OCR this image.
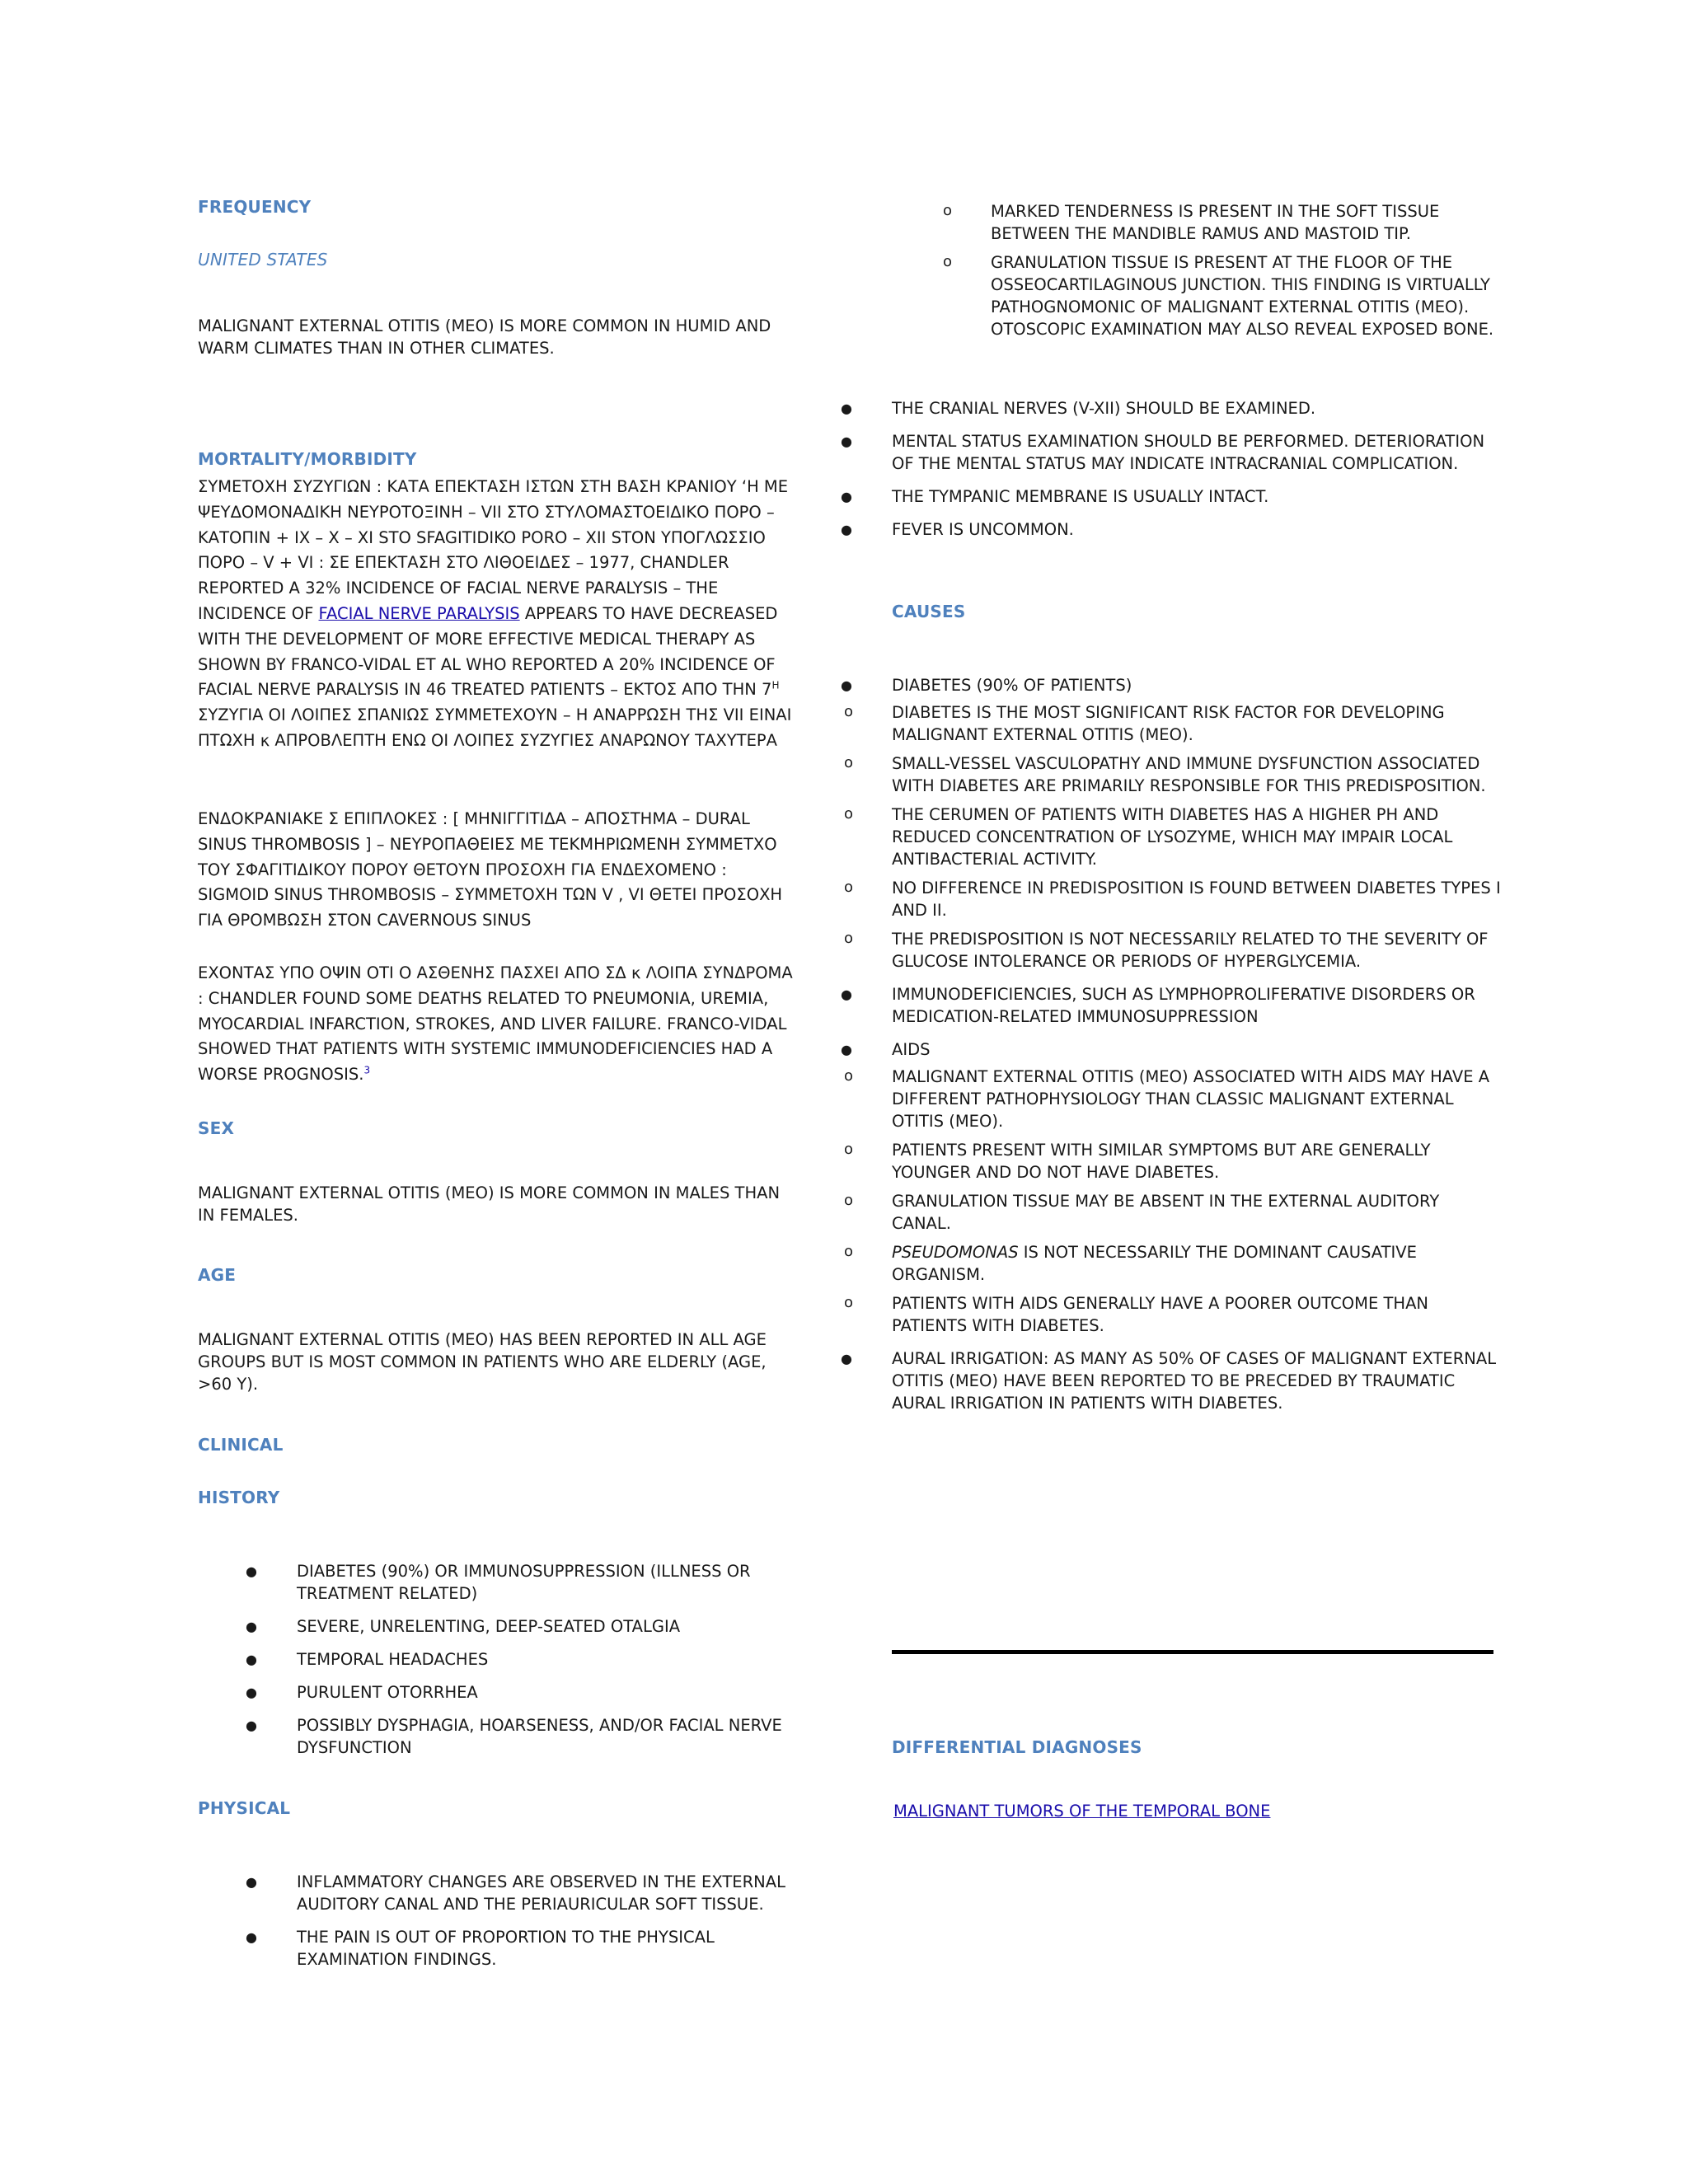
FREQUENCY
UNITED STATES
MALIGNANT EXTERNAL OTITIS (MEO) IS MORE COMMON IN HUMID AND WARM CLIMATES THAN IN OTHER CLIMATES.
MORTALITY/MORBIDITY
ΣΥΜΕΤΟΧΗ ΣΥΖΥΓΙΩΝ : ΚΑΤΑ ΕΠΕΚΤΑΣΗ ΙΣΤΩΝ ΣΤΗ ΒΑΣΗ ΚΡΑΝΙΟΥ ‘Η ΜΕ ΨΕΥΔΟΜΟΝΑΔΙΚΗ ΝΕΥΡΟΤΟΞΙΝΗ – VII ΣΤΟ ΣΤΥΛΟΜΑΣΤΟΕΙΔΙΚΟ ΠΟΡΟ – ΚΑΤΟΠΙΝ + IX – X – XI STO SFAGITIDIKO PORO – XII STON ΥΠΟΓΛΩΣΣΙΟ ΠΟΡΟ – V + VI : ΣΕ ΕΠΕΚΤΑΣΗ ΣΤΟ ΛΙΘΟΕΙΔΕΣ – 1977, CHANDLER REPORTED A 32% INCIDENCE OF FACIAL NERVE PARALYSIS – THE INCIDENCE OF FACIAL NERVE PARALYSIS APPEARS TO HAVE DECREASED WITH THE DEVELOPMENT OF MORE EFFECTIVE MEDICAL THERAPY AS SHOWN BY FRANCO-VIDAL ET AL WHO REPORTED A 20% INCIDENCE OF FACIAL NERVE PARALYSIS IN 46 TREATED PATIENTS – ΕΚΤΟΣ ΑΠΟ ΤΗΝ $7^H$ ΣΥΖΥΓΙΑ ΟΙ ΛΟΙΠΕΣ ΣΠΑΝΙΩΣ ΣΥΜΜΕΤΕΧΟΥΝ – Η ΑΝΑΡΡΩΣΗ ΤΗΣ VII ΕΙΝΑΙ ΠΤΩΧΗ κ ΑΠΡΟΒΛΕΠΤΗ ΕΝΩ ΟΙ ΛΟΙΠΕΣ ΣΥΖΥΓΙΕΣ ΑΝΑΡΩΝΟΥ ΤΑΧΥΤΕΡΑ
ΕΝΔΟΚΡΑΝΙΑΚΕ Σ ΕΠΙΠΛΟΚΕΣ : [ ΜΗΝΙΓΓΙΤΙΔΑ – ΑΠΟΣΤΗΜΑ – DURAL SINUS THROMBOSIS ] – ΝΕΥΡΟΠΑΘΕΙΕΣ ΜΕ ΤΕΚΜΗΡΙΩΜΕΝΗ ΣΥΜΜΕΤΧΟ ΤΟΥ ΣΦΑΓΙΤΙΔΙΚΟΥ ΠΟΡΟΥ ΘΕΤΟΥΝ ΠΡΟΣΟΧΗ ΓΙΑ ΕΝΔΕΧΟΜΕΝΟ : SIGMOID SINUS THROMBOSIS – ΣΥΜΜΕΤΟΧΗ ΤΩΝ V , VI ΘΕΤΕΙ ΠΡΟΣΟΧΗ ΓΙΑ ΘΡΟΜΒΩΣΗ ΣΤΟΝ CAVERNOUS SINUS
ΕΧΟΝΤΑΣ ΥΠΟ ΟΨΙΝ ΟΤΙ Ο ΑΣΘΕΝΗΣ ΠΑΣΧΕΙ ΑΠΟ ΣΔ κ ΛΟΙΠΑ ΣΥΝΔΡΟΜΑ : CHANDLER FOUND SOME DEATHS RELATED TO PNEUMONIA, UREMIA, MYOCARDIAL INFARCTION, STROKES, AND LIVER FAILURE. FRANCO-VIDAL SHOWED THAT PATIENTS WITH SYSTEMIC IMMUNODEFICIENCIES HAD A WORSE PROGNOSIS.$^3$
SEX
MALIGNANT EXTERNAL OTITIS (MEO) IS MORE COMMON IN MALES THAN IN FEMALES.
AGE
MALIGNANT EXTERNAL OTITIS (MEO) HAS BEEN REPORTED IN ALL AGE GROUPS BUT IS MOST COMMON IN PATIENTS WHO ARE ELDERLY (AGE, >60 Y).
CLINICAL
HISTORY
● DIABETES (90%) OR IMMUNOSUPPRESSION (ILLNESS OR TREATMENT RELATED)
● SEVERE, UNRELENTING, DEEP-SEATED OTALGIA
● TEMPORAL HEADACHES
● PURULENT OTORRHEA
● POSSIBLY DYSPHAGIA, HOARSENESS, AND/OR FACIAL NERVE DYSFUNCTION
PHYSICAL
● INFLAMMATORY CHANGES ARE OBSERVED IN THE EXTERNAL AUDITORY CANAL AND THE PERIAURICULAR SOFT TISSUE.
● THE PAIN IS OUT OF PROPORTION TO THE PHYSICAL EXAMINATION FINDINGS.
o MARKED TENDERNESS IS PRESENT IN THE SOFT TISSUE BETWEEN THE MANDIBLE RAMUS AND MASTOID TIP.
o GRANULATION TISSUE IS PRESENT AT THE FLOOR OF THE OSSEOCARTILAGINOUS JUNCTION. THIS FINDING IS VIRTUALLY PATHOGNOMONIC OF MALIGNANT EXTERNAL OTITIS (MEO). OTOSCOPIC EXAMINATION MAY ALSO REVEAL EXPOSED BONE.
● THE CRANIAL NERVES (V-XII) SHOULD BE EXAMINED.
● MENTAL STATUS EXAMINATION SHOULD BE PERFORMED. DETERIORATION OF THE MENTAL STATUS MAY INDICATE INTRACRANIAL COMPLICATION.
● THE TYMPANIC MEMBRANE IS USUALLY INTACT.
● FEVER IS UNCOMMON.
CAUSES
● DIABETES (90% OF PATIENTS)
o DIABETES IS THE MOST SIGNIFICANT RISK FACTOR FOR DEVELOPING MALIGNANT EXTERNAL OTITIS (MEO).
o SMALL-VESSEL VASCULOPATHY AND IMMUNE DYSFUNCTION ASSOCIATED WITH DIABETES ARE PRIMARILY RESPONSIBLE FOR THIS PREDISPOSITION.
o THE CERUMEN OF PATIENTS WITH DIABETES HAS A HIGHER PH AND REDUCED CONCENTRATION OF LYSOZYME, WHICH MAY IMPAIR LOCAL ANTIBACTERIAL ACTIVITY.
o NO DIFFERENCE IN PREDISPOSITION IS FOUND BETWEEN DIABETES TYPES I AND II.
o THE PREDISPOSITION IS NOT NECESSARILY RELATED TO THE SEVERITY OF GLUCOSE INTOLERANCE OR PERIODS OF HYPERGLYCEMIA.
● IMMUNODEFICIENCIES, SUCH AS LYMPHOPROLIFERATIVE DISORDERS OR MEDICATION-RELATED IMMUNOSUPPRESSION
● AIDS
o MALIGNANT EXTERNAL OTITIS (MEO) ASSOCIATED WITH AIDS MAY HAVE A DIFFERENT PATHOPHYSIOLOGY THAN CLASSIC MALIGNANT EXTERNAL OTITIS (MEO).
o PATIENTS PRESENT WITH SIMILAR SYMPTOMS BUT ARE GENERALLY YOUNGER AND DO NOT HAVE DIABETES.
o GRANULATION TISSUE MAY BE ABSENT IN THE EXTERNAL AUDITORY CANAL.
o PSEUDOMONAS IS NOT NECESSARILY THE DOMINANT CAUSATIVE ORGANISM.
o PATIENTS WITH AIDS GENERALLY HAVE A POORER OUTCOME THAN PATIENTS WITH DIABETES.
● AURAL IRRIGATION: AS MANY AS 50% OF CASES OF MALIGNANT EXTERNAL OTITIS (MEO) HAVE BEEN REPORTED TO BE PRECEDED BY TRAUMATIC AURAL IRRIGATION IN PATIENTS WITH DIABETES.
DIFFERENTIAL DIAGNOSES
MALIGNANT TUMORS OF THE TEMPORAL BONE
